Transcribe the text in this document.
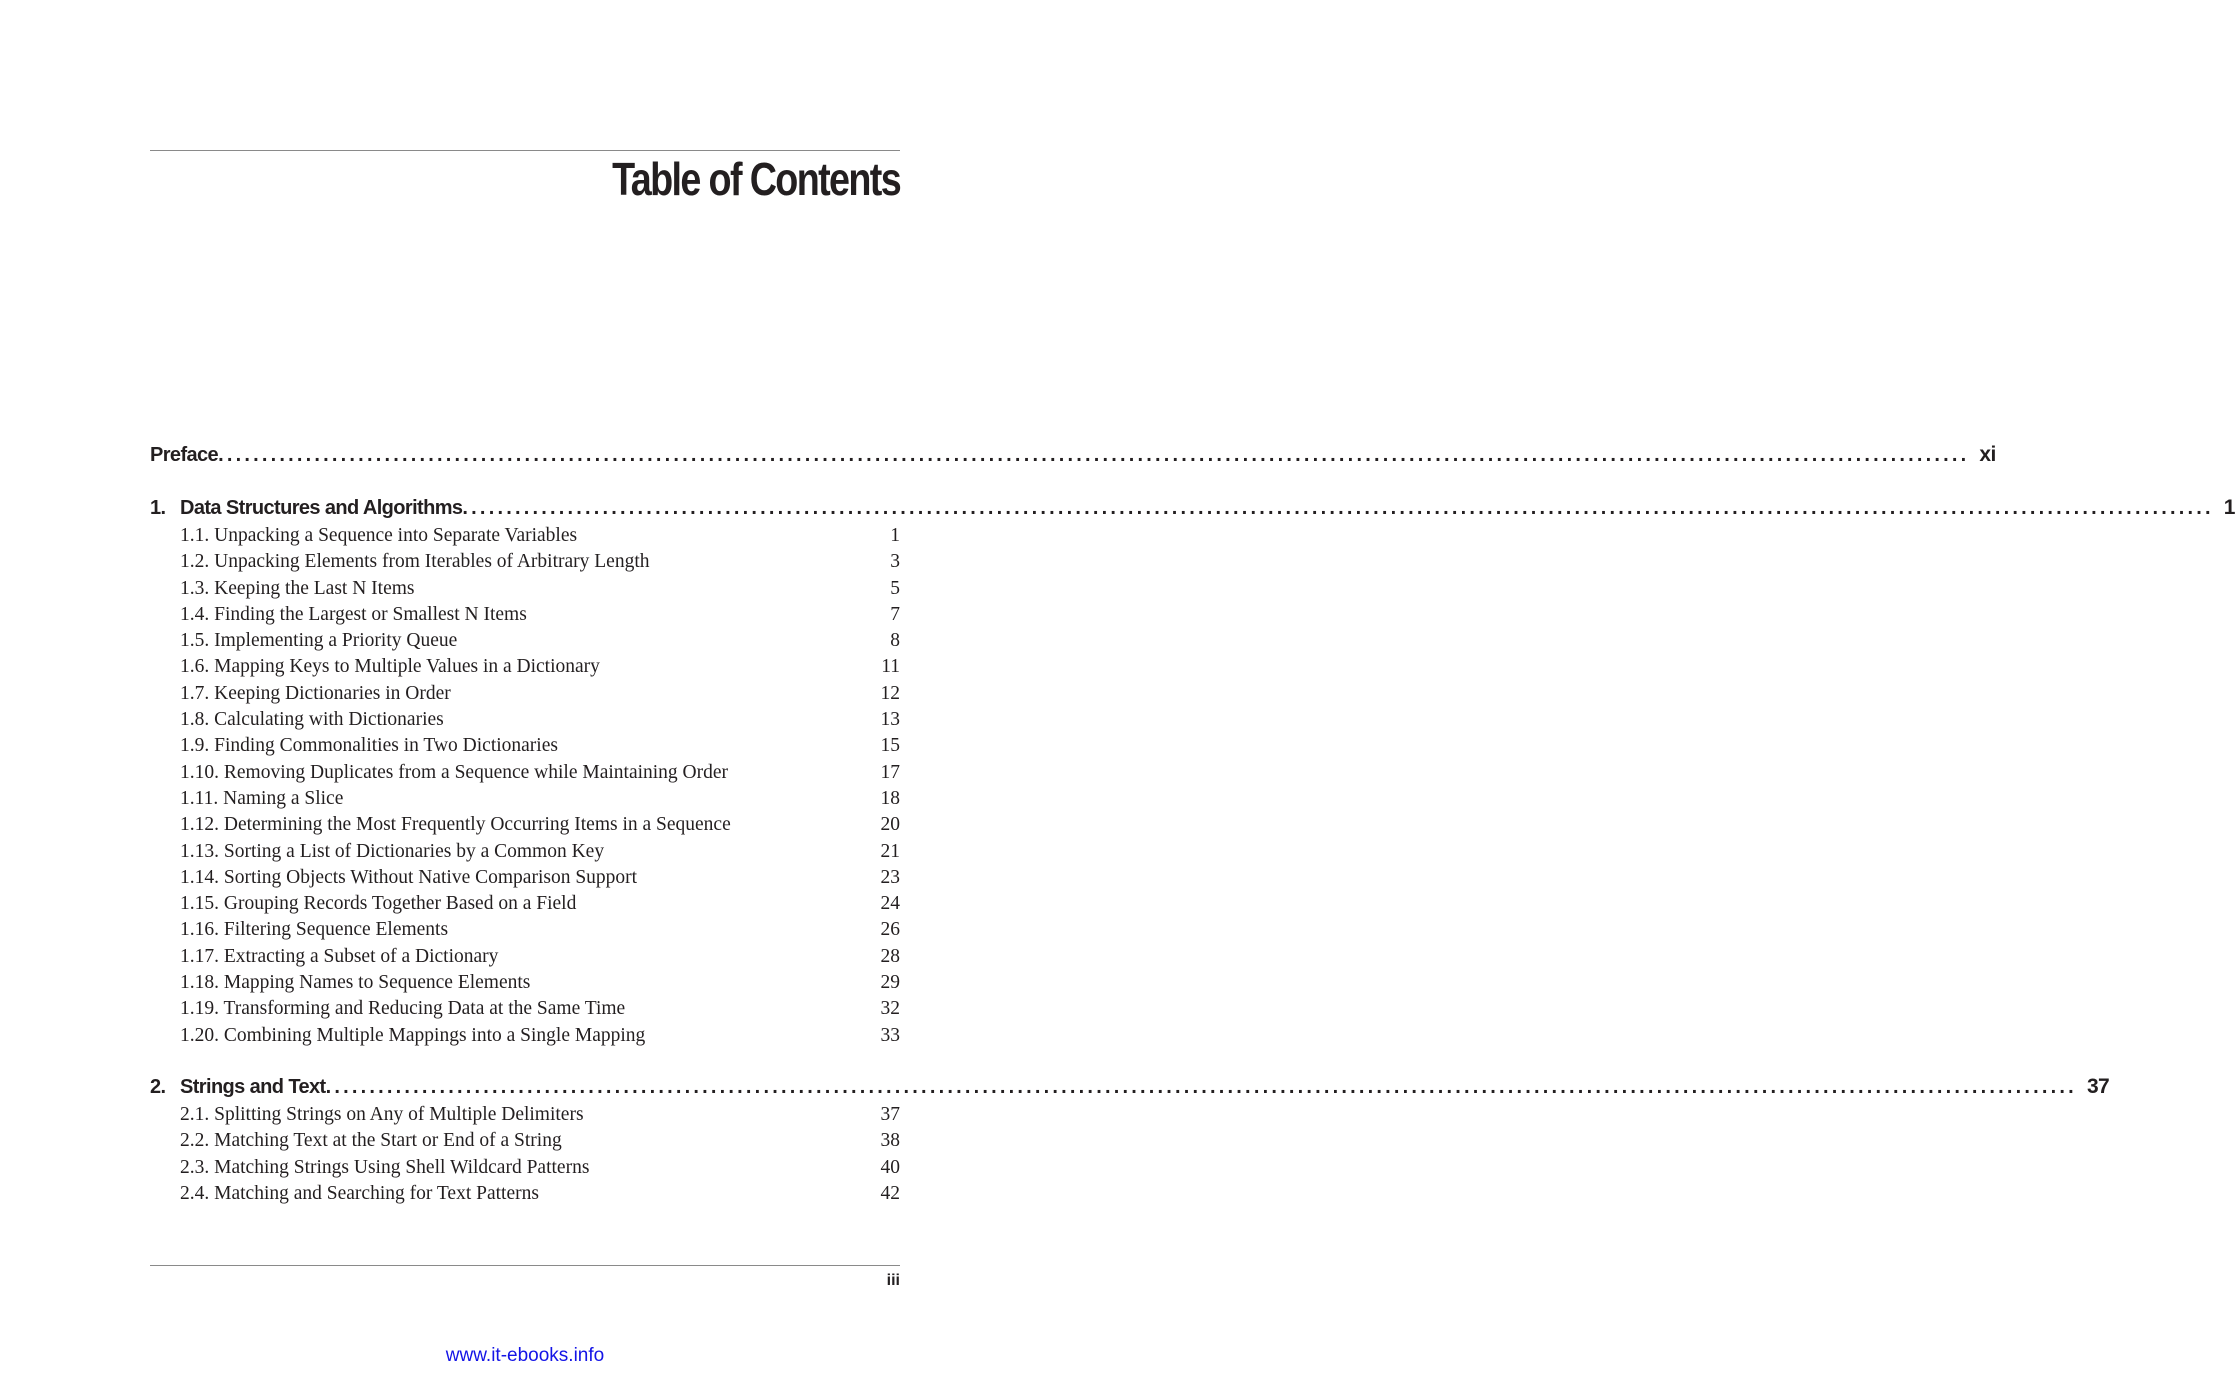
Table of Contents
Preface ........................................................................................................................................................................................................ xi
1. Data Structures and Algorithms ........................................................................................................................................................................................................ 1
1.1. Unpacking a Sequence into Separate Variables	1
1.2. Unpacking Elements from Iterables of Arbitrary Length	3
1.3. Keeping the Last N Items	5
1.4. Finding the Largest or Smallest N Items	7
1.5. Implementing a Priority Queue	8
1.6. Mapping Keys to Multiple Values in a Dictionary	11
1.7. Keeping Dictionaries in Order	12
1.8. Calculating with Dictionaries	13
1.9. Finding Commonalities in Two Dictionaries	15
1.10. Removing Duplicates from a Sequence while Maintaining Order	17
1.11. Naming a Slice	18
1.12. Determining the Most Frequently Occurring Items in a Sequence	20
1.13. Sorting a List of Dictionaries by a Common Key	21
1.14. Sorting Objects Without Native Comparison Support	23
1.15. Grouping Records Together Based on a Field	24
1.16. Filtering Sequence Elements	26
1.17. Extracting a Subset of a Dictionary	28
1.18. Mapping Names to Sequence Elements	29
1.19. Transforming and Reducing Data at the Same Time	32
1.20. Combining Multiple Mappings into a Single Mapping	33
2. Strings and Text ........................................................................................................................................................................................................ 37
2.1. Splitting Strings on Any of Multiple Delimiters	37
2.2. Matching Text at the Start or End of a String	38
2.3. Matching Strings Using Shell Wildcard Patterns	40
2.4. Matching and Searching for Text Patterns	42
iii
www.it-ebooks.info
